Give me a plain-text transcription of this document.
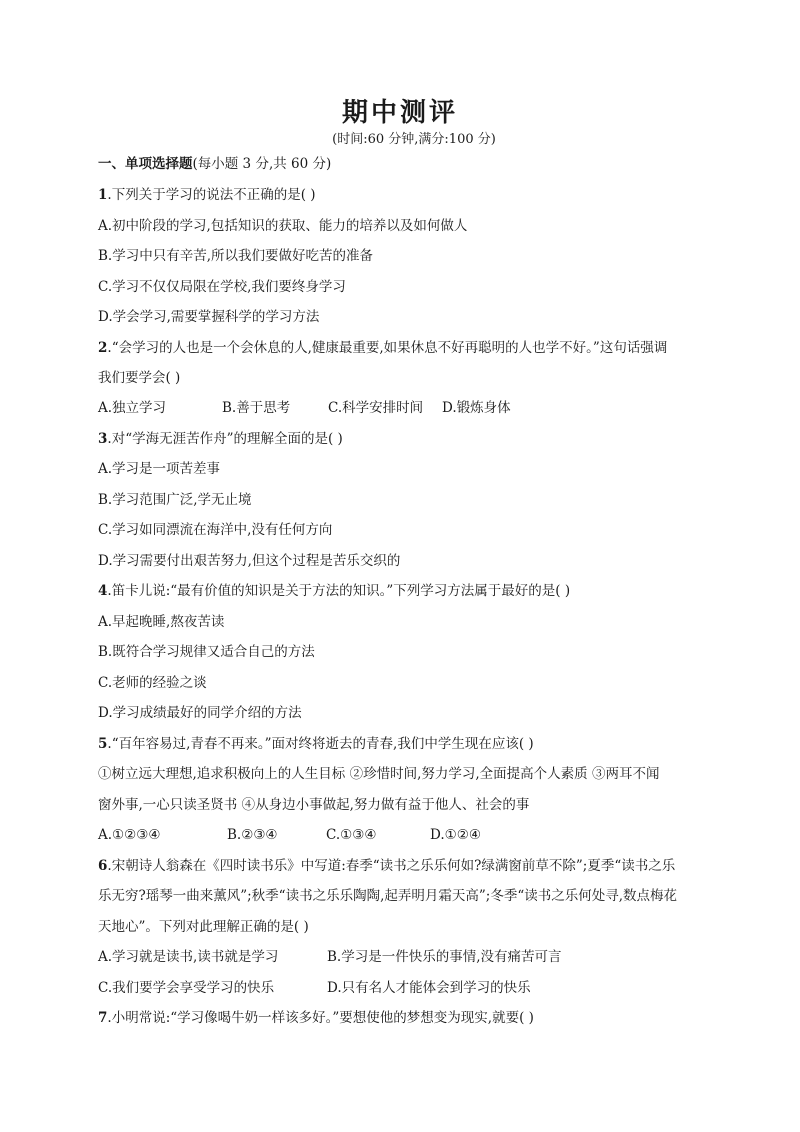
期中测评
(时间:60 分钟,满分:100 分)
一、单项选择题(每小题 3 分,共 60 分)
1.下列关于学习的说法不正确的是( )
A.初中阶段的学习,包括知识的获取、能力的培养以及如何做人
B.学习中只有辛苦,所以我们要做好吃苦的准备
C.学习不仅仅局限在学校,我们要终身学习
D.学会学习,需要掌握科学的学习方法
2.“会学习的人也是一个会休息的人,健康最重要,如果休息不好再聪明的人也学不好。”这句话强调
我们要学会( )
A.独立学习	B.善于思考	C.科学安排时间 D.锻炼身体
3.对“学海无涯苦作舟”的理解全面的是( )
A.学习是一项苦差事
B.学习范围广泛,学无止境
C.学习如同漂流在海洋中,没有任何方向
D.学习需要付出艰苦努力,但这个过程是苦乐交织的
4.笛卡儿说:“最有价值的知识是关于方法的知识。”下列学习方法属于最好的是( )
A.早起晚睡,熬夜苦读
B.既符合学习规律又适合自己的方法
C.老师的经验之谈
D.学习成绩最好的同学介绍的方法
5.“百年容易过,青春不再来。”面对终将逝去的青春,我们中学生现在应该( )
①树立远大理想,追求积极向上的人生目标 ②珍惜时间,努力学习,全面提高个人素质 ③两耳不闻
窗外事,一心只读圣贤书 ④从身边小事做起,努力做有益于他人、社会的事
A.①②③④	B.②③④	C.①③④	D.①②④
6.宋朝诗人翁森在《四时读书乐》中写道:春季“读书之乐乐何如?绿满窗前草不除”;夏季“读书之乐
乐无穷?瑶琴一曲来薰风”;秋季“读书之乐乐陶陶,起弄明月霜天高”;冬季“读书之乐何处寻,数点梅花
天地心”。下列对此理解正确的是( )
A.学习就是读书,读书就是学习	B.学习是一件快乐的事情,没有痛苦可言
C.我们要学会享受学习的快乐	D.只有名人才能体会到学习的快乐
7.小明常说:“学习像喝牛奶一样该多好。”要想使他的梦想变为现实,就要( )
